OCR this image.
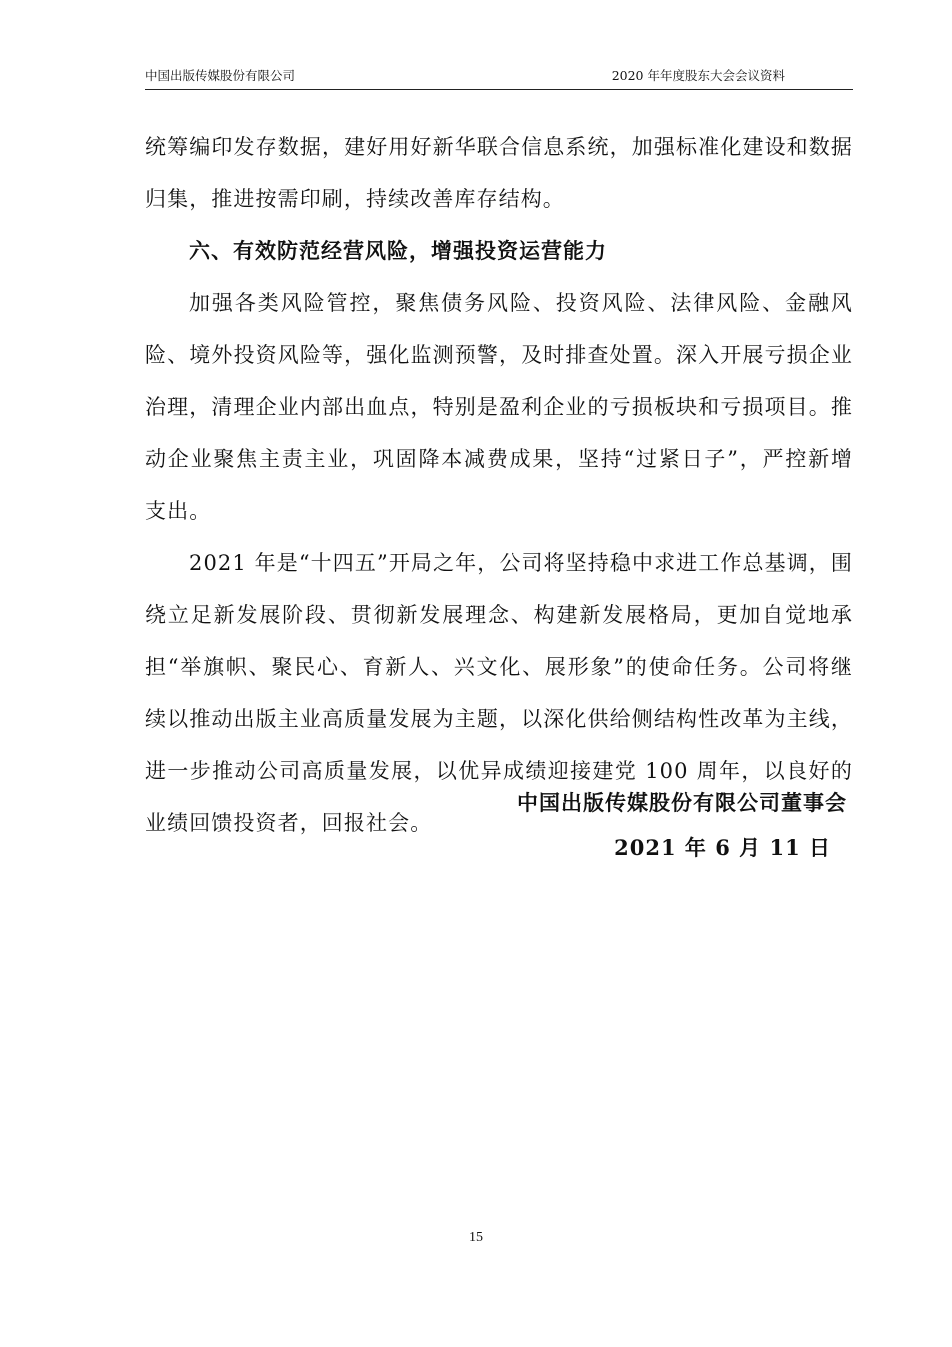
中国出版传媒股份有限公司	2020 年年度股东大会会议资料

统筹编印发存数据，建好用好新华联合信息系统，加强标准化建设和数据归集，推进按需印刷，持续改善库存结构。

六、有效防范经营风险，增强投资运营能力

加强各类风险管控，聚焦债务风险、投资风险、法律风险、金融风险、境外投资风险等，强化监测预警，及时排查处置。深入开展亏损企业治理，清理企业内部出血点，特别是盈利企业的亏损板块和亏损项目。推动企业聚焦主责主业，巩固降本减费成果，坚持“过紧日子”，严控新增支出。

2021 年是“十四五”开局之年，公司将坚持稳中求进工作总基调，围绕立足新发展阶段、贯彻新发展理念、构建新发展格局，更加自觉地承担“举旗帜、聚民心、育新人、兴文化、展形象”的使命任务。公司将继续以推动出版主业高质量发展为主题，以深化供给侧结构性改革为主线，进一步推动公司高质量发展，以优异成绩迎接建党 100 周年，以良好的业绩回馈投资者，回报社会。

中国出版传媒股份有限公司董事会
2021 年 6 月 11 日
15
